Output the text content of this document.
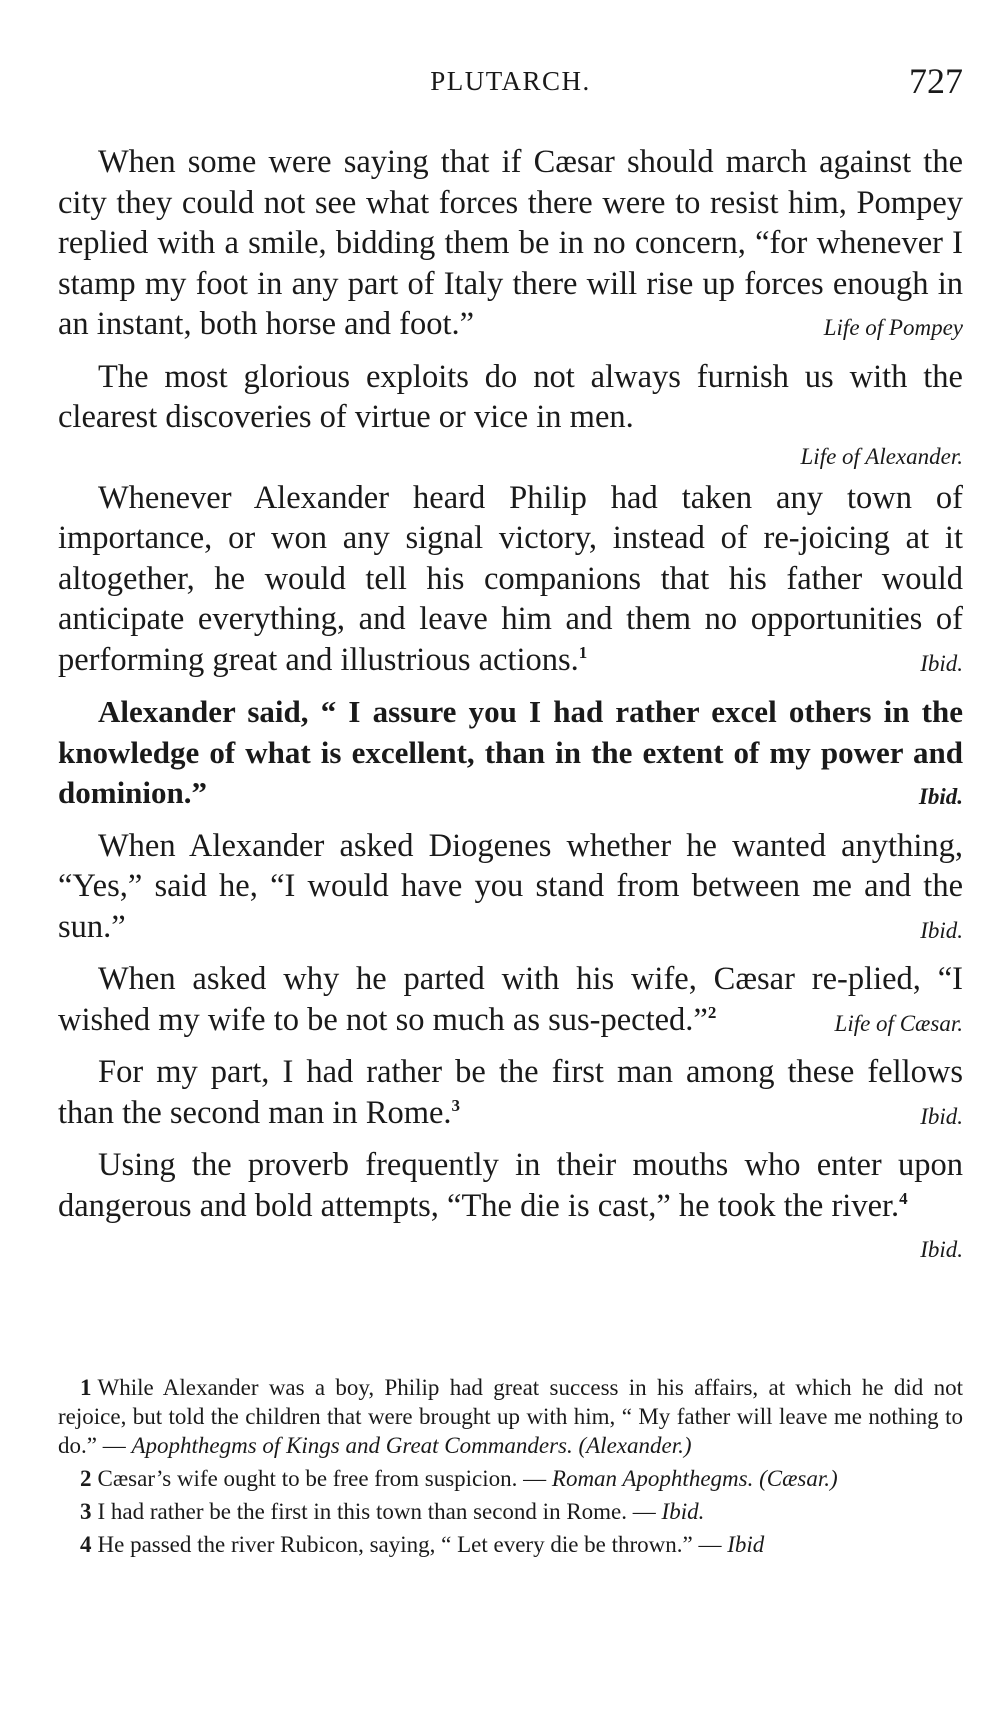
PLUTARCH.	727

When some were saying that if Cæsar should march against the city they could not see what forces there were to resist him, Pompey replied with a smile, bidding them be in no concern, “for whenever I stamp my foot in any part of Italy there will rise up forces enough in an instant, both horse and foot.”	Life of Pompey

The most glorious exploits do not always furnish us with the clearest discoveries of virtue or vice in men.
Life of Alexander.

Whenever Alexander heard Philip had taken any town of importance, or won any signal victory, instead of re-joicing at it altogether, he would tell his companions that his father would anticipate everything, and leave him and them no opportunities of performing great and illustrious actions.$^1$	Ibid.

Alexander said, “ I assure you I had rather excel others in the knowledge of what is excellent, than in the extent of my power and dominion.”	Ibid.

When Alexander asked Diogenes whether he wanted anything, “Yes,” said he, “I would have you stand from between me and the sun.”	Ibid.

When asked why he parted with his wife, Cæsar re-plied, “I wished my wife to be not so much as sus-pected.”$^2$	Life of Cæsar.

For my part, I had rather be the first man among these fellows than the second man in Rome.$^3$	Ibid.

Using the proverb frequently in their mouths who enter upon dangerous and bold attempts, “The die is cast,” he took the river.$^4$
Ibid.

1 While Alexander was a boy, Philip had great success in his affairs, at which he did not rejoice, but told the children that were brought up with him, “ My father will leave me nothing to do.” — Apophthegms of Kings and Great Commanders. (Alexander.)

2 Cæsar’s wife ought to be free from suspicion. — Roman Apophthegms. (Cæsar.)

3 I had rather be the first in this town than second in Rome. — Ibid.

4 He passed the river Rubicon, saying, “ Let every die be thrown.” — Ibid
